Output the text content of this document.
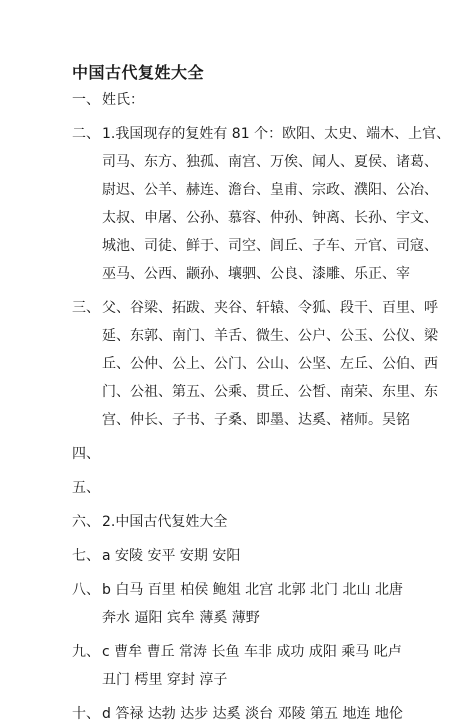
中国古代复姓大全
一、 姓氏：
二、 1.我国现存的复姓有 81 个：欧阳、太史、端木、上官、
司马、东方、独孤、南宫、万俟、闻人、夏侯、诸葛、
尉迟、公羊、赫连、澹台、皇甫、宗政、濮阳、公冶、
太叔、申屠、公孙、慕容、仲孙、钟离、长孙、宇文、
城池、司徒、鲜于、司空、闾丘、子车、亓官、司寇、
巫马、公西、颛孙、壤驷、公良、漆雕、乐正、宰
三、 父、谷梁、拓跋、夹谷、轩辕、令狐、段干、百里、呼
延、东郭、南门、羊舌、微生、公户、公玉、公仪、梁
丘、公仲、公上、公门、公山、公坚、左丘、公伯、西
门、公祖、第五、公乘、贯丘、公皙、南荣、东里、东
宫、仲长、子书、子桑、即墨、达奚、褚师。吴铭
四、
五、
六、 2.中国古代复姓大全
七、 a 安陵 安平 安期 安阳
八、 b 白马 百里 柏侯 鲍俎 北宫 北郭 北门 北山 北唐
奔水 逼阳 宾牟 薄奚 薄野
九、 c 曹牟 曹丘 常涛 长鱼 车非 成功 成阳 乘马 叱卢
丑门 樗里 穿封 淳子
十、 d 答禄 达勃 达步 达奚 淡台 邓陵 第五 地连 地伦
